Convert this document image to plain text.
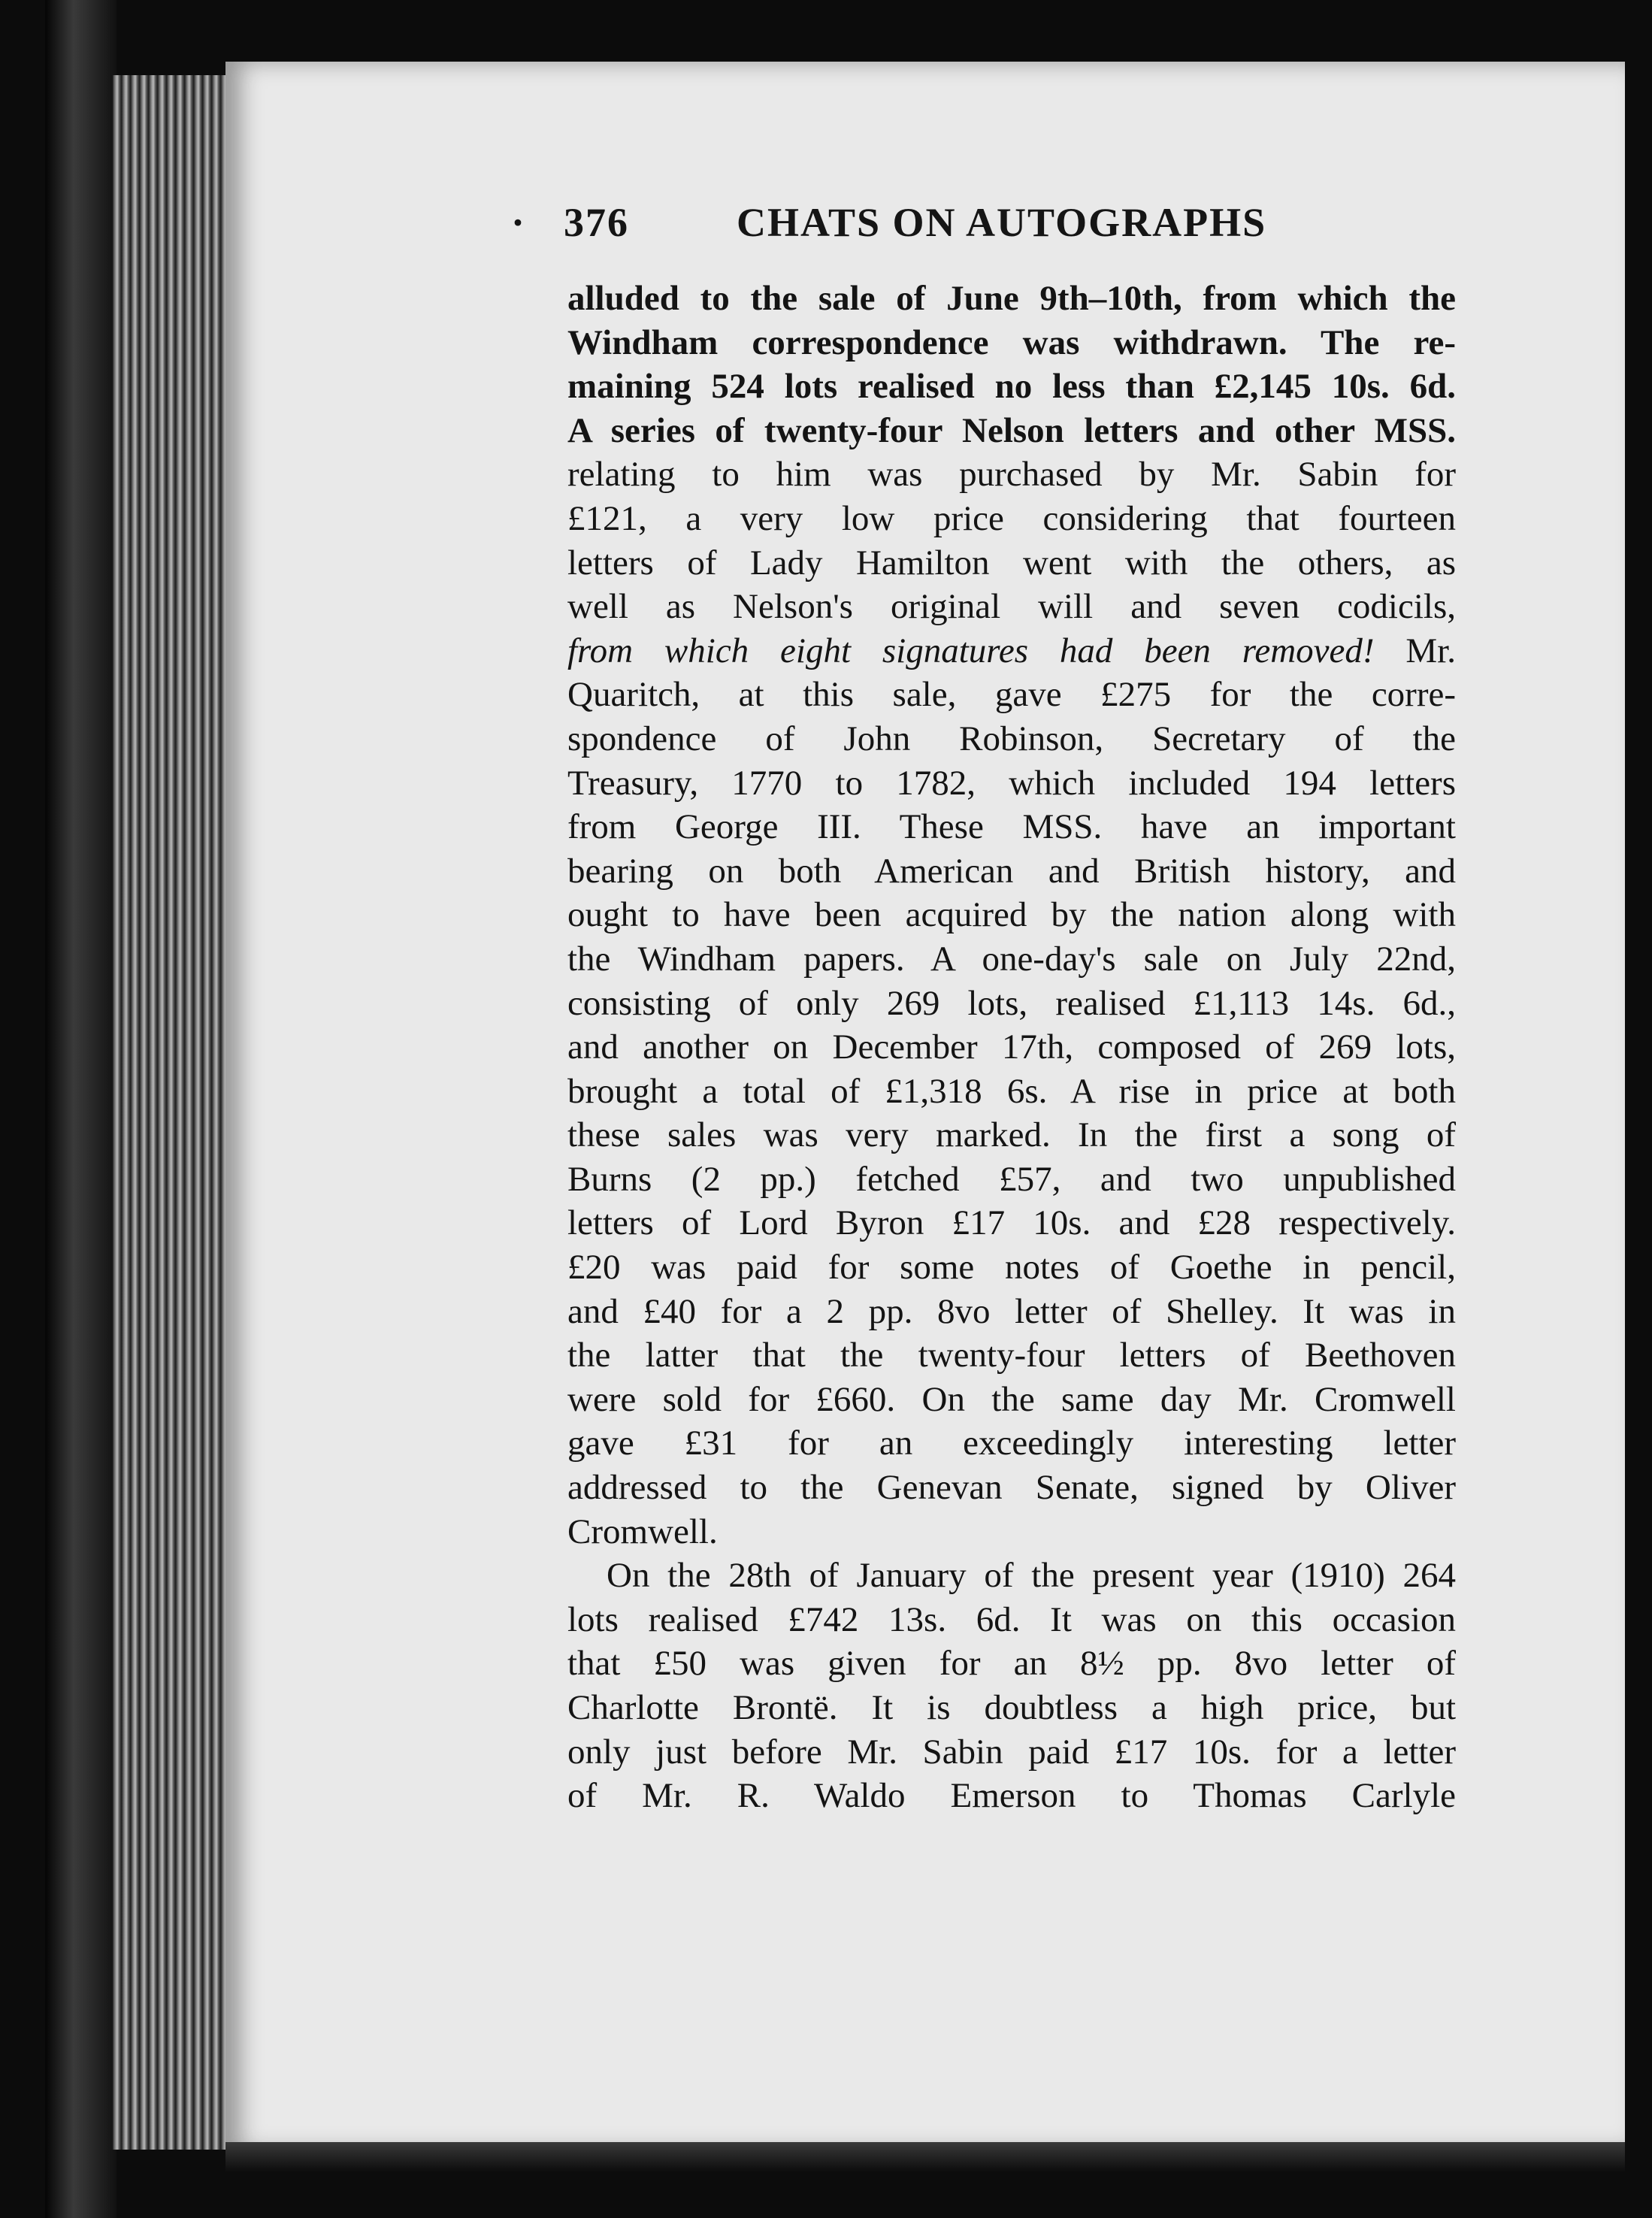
· 376	CHATS ON AUTOGRAPHS
alluded to the sale of June 9th–10th, from which the
Windham correspondence was withdrawn. The re-
maining 524 lots realised no less than £2,145 10s. 6d.
A series of twenty-four Nelson letters and other MSS.
relating to him was purchased by Mr. Sabin for
£121, a very low price considering that fourteen
letters of Lady Hamilton went with the others, as
well as Nelson's original will and seven codicils,
from which eight signatures had been removed! Mr.
Quaritch, at this sale, gave £275 for the corre-
spondence of John Robinson, Secretary of the
Treasury, 1770 to 1782, which included 194 letters
from George III. These MSS. have an important
bearing on both American and British history, and
ought to have been acquired by the nation along with
the Windham papers. A one-day's sale on July 22nd,
consisting of only 269 lots, realised £1,113 14s. 6d.,
and another on December 17th, composed of 269 lots,
brought a total of £1,318 6s. A rise in price at both
these sales was very marked. In the first a song of
Burns (2 pp.) fetched £57, and two unpublished
letters of Lord Byron £17 10s. and £28 respectively.
£20 was paid for some notes of Goethe in pencil,
and £40 for a 2 pp. 8vo letter of Shelley. It was in
the latter that the twenty-four letters of Beethoven
were sold for £660. On the same day Mr. Cromwell
gave £31 for an exceedingly interesting letter
addressed to the Genevan Senate, signed by Oliver
Cromwell.
On the 28th of January of the present year (1910) 264
lots realised £742 13s. 6d. It was on this occasion
that £50 was given for an 8½ pp. 8vo letter of
Charlotte Brontë. It is doubtless a high price, but
only just before Mr. Sabin paid £17 10s. for a letter
of Mr. R. Waldo Emerson to Thomas Carlyle
